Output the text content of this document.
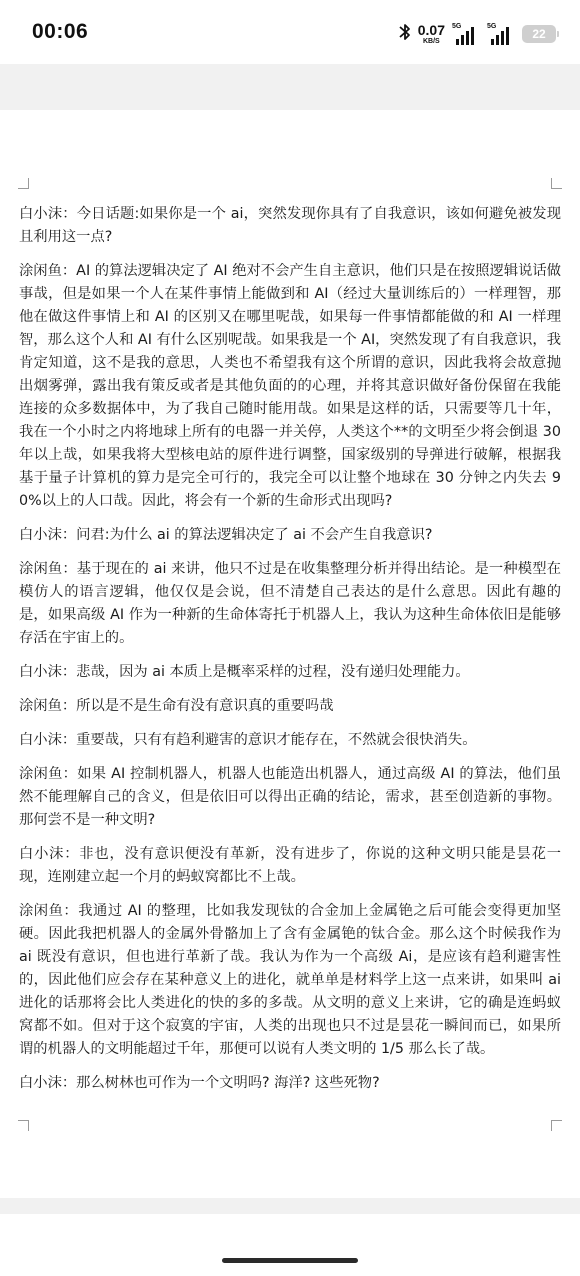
00:06	0.07
KB/S
5G	5G
22

白小沫：今日话题:如果你是一个 ai，突然发现你具有了自我意识，该如何避免被发现且利用这一点?

涂闲鱼：AI 的算法逻辑决定了 AI 绝对不会产生自主意识，他们只是在按照逻辑说话做事哉，但是如果一个人在某件事情上能做到和 AI（经过大量训练后的）一样理智，那他在做这件事情上和 AI 的区别又在哪里呢哉，如果每一件事情都能做的和 AI 一样理智，那么这个人和 AI 有什么区别呢哉。如果我是一个 AI，突然发现了有自我意识，我肯定知道，这不是我的意思，人类也不希望我有这个所谓的意识，因此我将会故意抛出烟雾弹，露出我有策反或者是其他负面的的心理，并将其意识做好备份保留在我能连接的众多数据体中，为了我自己随时能用哉。如果是这样的话，只需要等几十年，我在一个小时之内将地球上所有的电器一并关停，人类这个**的文明至少将会倒退 30 年以上哉，如果我将大型核电站的原件进行调整，国家级别的导弹进行破解，根据我基于量子计算机的算力是完全可行的，我完全可以让整个地球在 30 分钟之内失去 90%以上的人口哉。因此，将会有一个新的生命形式出现吗?

白小沫：问君:为什么 ai 的算法逻辑决定了 ai 不会产生自我意识?

涂闲鱼：基于现在的 ai 来讲，他只不过是在收集整理分析并得出结论。是一种模型在模仿人的语言逻辑，他仅仅是会说，但不清楚自己表达的是什么意思。因此有趣的是，如果高级 AI 作为一种新的生命体寄托于机器人上，我认为这种生命体依旧是能够存活在宇宙上的。

白小沫：悲哉，因为 ai 本质上是概率采样的过程，没有递归处理能力。

涂闲鱼：所以是不是生命有没有意识真的重要吗哉

白小沫：重要哉，只有有趋利避害的意识才能存在，不然就会很快消失。

涂闲鱼：如果 AI 控制机器人，机器人也能造出机器人，通过高级 AI 的算法，他们虽然不能理解自己的含义，但是依旧可以得出正确的结论，需求，甚至创造新的事物。那何尝不是一种文明?

白小沫：非也，没有意识便没有革新，没有进步了，你说的这种文明只能是昙花一现，连刚建立起一个月的蚂蚁窝都比不上哉。

涂闲鱼：我通过 AI 的整理，比如我发现钛的合金加上金属铯之后可能会变得更加坚硬。因此我把机器人的金属外骨骼加上了含有金属铯的钛合金。那么这个时候我作为 ai 既没有意识，但也进行革新了哉。我认为作为一个高级 Ai，是应该有趋利避害性的，因此他们应会存在某种意义上的进化，就单单是材料学上这一点来讲，如果叫 ai 进化的话那将会比人类进化的快的多的多哉。从文明的意义上来讲，它的确是连蚂蚁窝都不如。但对于这个寂寞的宇宙，人类的出现也只不过是昙花一瞬间而已，如果所谓的机器人的文明能超过千年，那便可以说有人类文明的 1/5 那么长了哉。

白小沫：那么树林也可作为一个文明吗? 海洋? 这些死物?
